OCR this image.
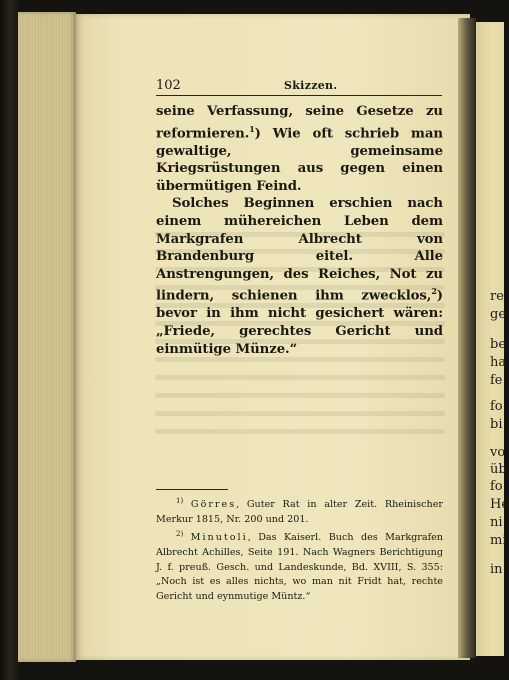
102	Skizzen.

seine Verfassung, seine Gesetze zu reformieren.$^1$) Wie oft schrieb man gewaltige, gemeinsame Kriegsrüstungen aus gegen einen übermütigen Feind.

Solches Beginnen erschien nach einem mühereichen Leben dem Markgrafen Albrecht von Brandenburg eitel. Alle Anstrengungen, des Reiches, Not zu lindern, schienen ihm zwecklos,$^2$) bevor in ihm nicht gesichert wären: „Friede, gerechtes Gericht und einmütige Münze.“

$^{1)}$ Görres, Guter Rat in alter Zeit. Rheinischer Merkur 1815, Nr. 200 und 201.

$^{2)}$ Minutoli, Das Kaiserl. Buch des Markgrafen Albrecht Achilles, Seite 191. Nach Wagners Berichtigung J. f. preuß. Gesch. und Landeskunde, Bd. XVIII, S. 355: „Noch ist es alles nichts, wo man nit Fridt hat, rechte Gericht und eynmutige Müntz.“

re
ge
be
ha
fe
fo
bi
vo
üb
fo
He
ni
mi
in
